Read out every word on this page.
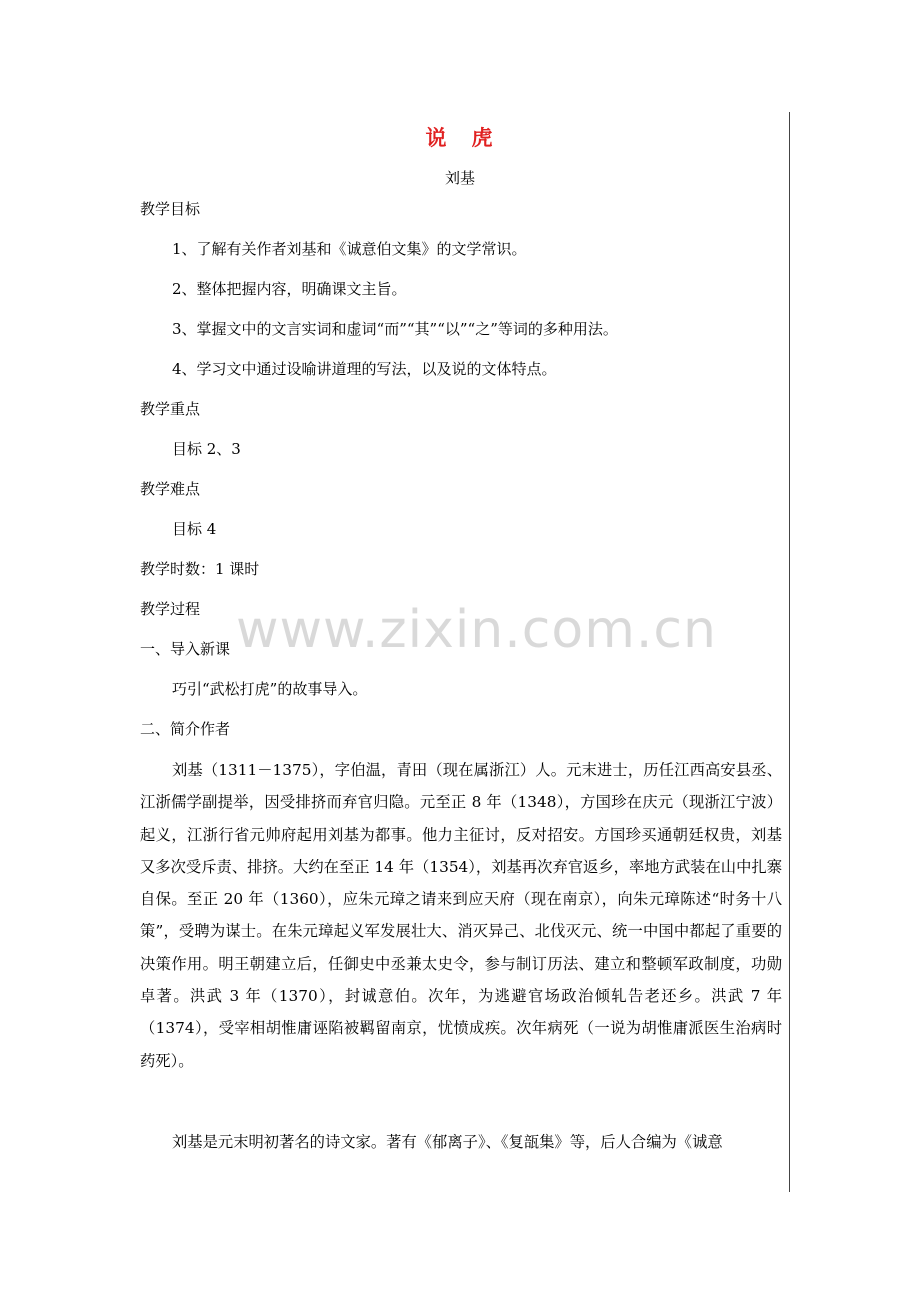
说　虎
刘基
教学目标
1、了解有关作者刘基和《诚意伯文集》的文学常识。
2、整体把握内容，明确课文主旨。
3、掌握文中的文言实词和虚词“而”“其”“以”“之”等词的多种用法。
4、学习文中通过设喻讲道理的写法，以及说的文体特点。
教学重点
目标 2、3
教学难点
目标 4
教学时数：1 课时
教学过程
一、导入新课
巧引“武松打虎”的故事导入。
二、简介作者

刘基（1311－1375），字伯温，青田（现在属浙江）人。元末进士，历任江西高安县丞、江浙儒学副提举，因受排挤而弃官归隐。元至正 8 年（1348），方国珍在庆元（现浙江宁波）起义，江浙行省元帅府起用刘基为都事。他力主征讨，反对招安。方国珍买通朝廷权贵，刘基又多次受斥责、排挤。大约在至正 14 年（1354），刘基再次弃官返乡，率地方武装在山中扎寨自保。至正 20 年（1360），应朱元璋之请来到应天府（现在南京），向朱元璋陈述“时务十八策”，受聘为谋士。在朱元璋起义军发展壮大、消灭异己、北伐灭元、统一中国中都起了重要的决策作用。明王朝建立后，任御史中丞兼太史令，参与制订历法、建立和整顿军政制度，功勋卓著。洪武 3 年（1370），封诚意伯。次年，为逃避官场政治倾轧告老还乡。洪武 7 年（1374），受宰相胡惟庸诬陷被羁留南京，忧愤成疾。次年病死（一说为胡惟庸派医生治病时药死）。

刘基是元末明初著名的诗文家。著有《郁离子》、《复瓿集》等，后人合编为《诚意

www.zixin.com.cn
